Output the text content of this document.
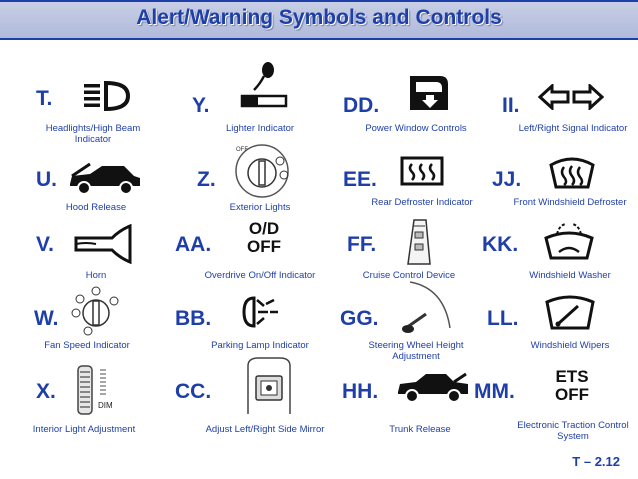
Alert/Warning Symbols and Controls
T.
Headlights/High Beam Indicator
Y.
Lighter Indicator
DD.
Power Window Controls
II.
Left/Right Signal Indicator
U.
Hood Release
Z.
OFF
Exterior Lights
EE.
Rear Defroster Indicator
JJ.
Front Windshield Defroster
V.
Horn
AA.
O/D
OFF
Overdrive On/Off Indicator
FF.
Cruise Control Device
KK.
Windshield Washer
W.
Fan Speed Indicator
BB.
Parking Lamp Indicator
GG.
Steering Wheel Height Adjustment
LL.
Windshield Wipers
X.
DIM
Interior Light Adjustment
CC.
Adjust Left/Right Side Mirror
HH.
Trunk Release
MM.
ETS
OFF
Electronic Traction Control System
T – 2.12
